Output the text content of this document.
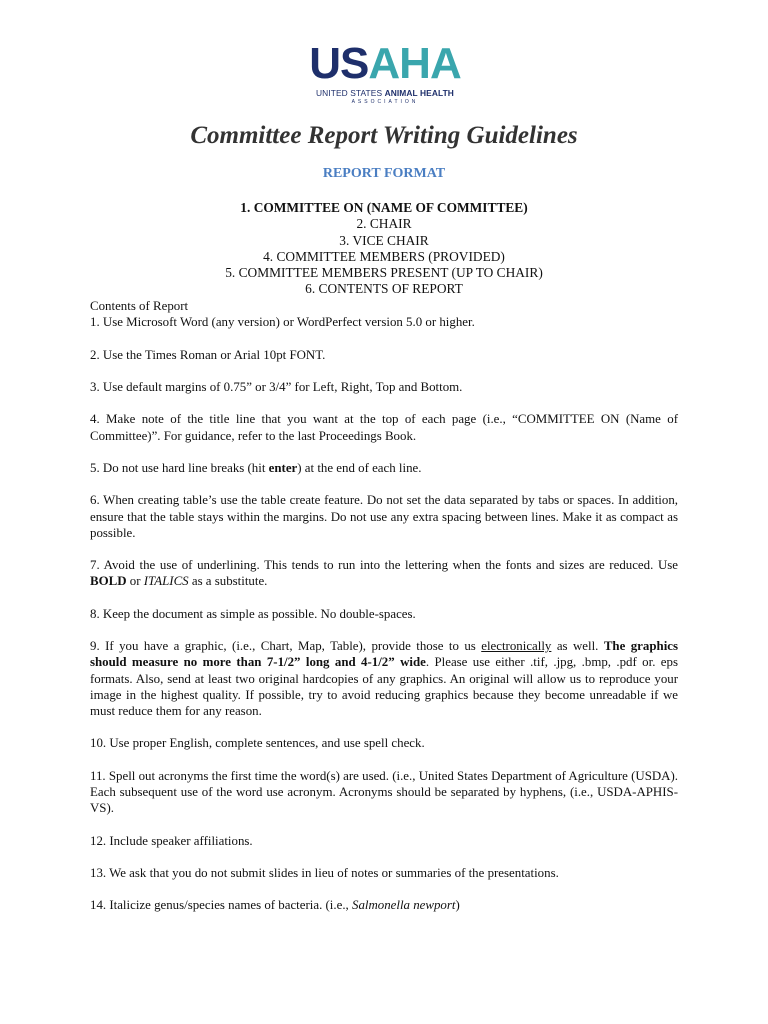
USAHA
UNITED STATES ANIMAL HEALTH
ASSOCIATION
Committee Report Writing Guidelines
REPORT FORMAT
1. COMMITTEE ON (NAME OF COMMITTEE)
2. CHAIR
3. VICE CHAIR
4. COMMITTEE MEMBERS (PROVIDED)
5. COMMITTEE MEMBERS PRESENT (UP TO CHAIR)
6. CONTENTS OF REPORT
Contents of Report

1. Use Microsoft Word (any version) or WordPerfect version 5.0 or higher.

2. Use the Times Roman or Arial 10pt FONT.

3. Use default margins of 0.75” or 3/4” for Left, Right, Top and Bottom.

4. Make note of the title line that you want at the top of each page (i.e., “COMMITTEE ON (Name of Committee)”. For guidance, refer to the last Proceedings Book.

5. Do not use hard line breaks (hit enter) at the end of each line.

6. When creating table’s use the table create feature. Do not set the data separated by tabs or spaces. In addition, ensure that the table stays within the margins. Do not use any extra spacing between lines. Make it as compact as possible.

7. Avoid the use of underlining. This tends to run into the lettering when the fonts and sizes are reduced. Use BOLD or ITALICS as a substitute.

8. Keep the document as simple as possible. No double-spaces.

9. If you have a graphic, (i.e., Chart, Map, Table), provide those to us electronically as well. The graphics should measure no more than 7-1/2” long and 4-1/2” wide. Please use either .tif, .jpg, .bmp, .pdf or. eps formats. Also, send at least two original hardcopies of any graphics. An original will allow us to reproduce your image in the highest quality. If possible, try to avoid reducing graphics because they become unreadable if we must reduce them for any reason.

10. Use proper English, complete sentences, and use spell check.

11. Spell out acronyms the first time the word(s) are used. (i.e., United States Department of Agriculture (USDA). Each subsequent use of the word use acronym. Acronyms should be separated by hyphens, (i.e., USDA-APHIS-VS).

12. Include speaker affiliations.

13. We ask that you do not submit slides in lieu of notes or summaries of the presentations.

14. Italicize genus/species names of bacteria. (i.e., Salmonella newport)
